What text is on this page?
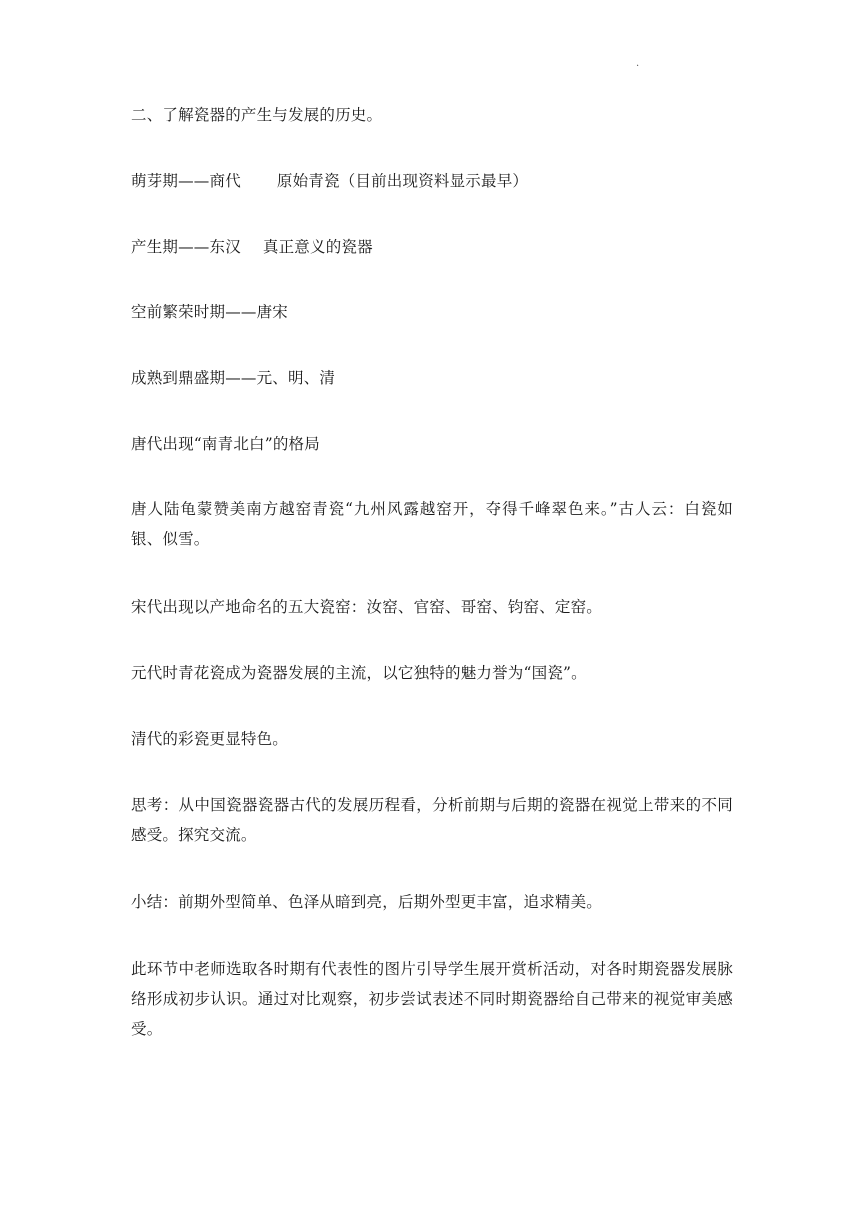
.

二、了解瓷器的产生与发展的历史。

萌芽期——商代 原始青瓷（目前出现资料显示最早）

产生期——东汉 真正意义的瓷器

空前繁荣时期——唐宋

成熟到鼎盛期——元、明、清

唐代出现“南青北白”的格局

唐人陆龟蒙赞美南方越窑青瓷“九州风露越窑开，夺得千峰翠色来。”古人云：白瓷如银、似雪。

宋代出现以产地命名的五大瓷窑：汝窑、官窑、哥窑、钧窑、定窑。

元代时青花瓷成为瓷器发展的主流，以它独特的魅力誉为“国瓷”。

清代的彩瓷更显特色。

思考：从中国瓷器瓷器古代的发展历程看，分析前期与后期的瓷器在视觉上带来的不同感受。探究交流。

小结：前期外型简单、色泽从暗到亮，后期外型更丰富，追求精美。

此环节中老师选取各时期有代表性的图片引导学生展开赏析活动，对各时期瓷器发展脉络形成初步认识。通过对比观察，初步尝试表述不同时期瓷器给自己带来的视觉审美感受。
